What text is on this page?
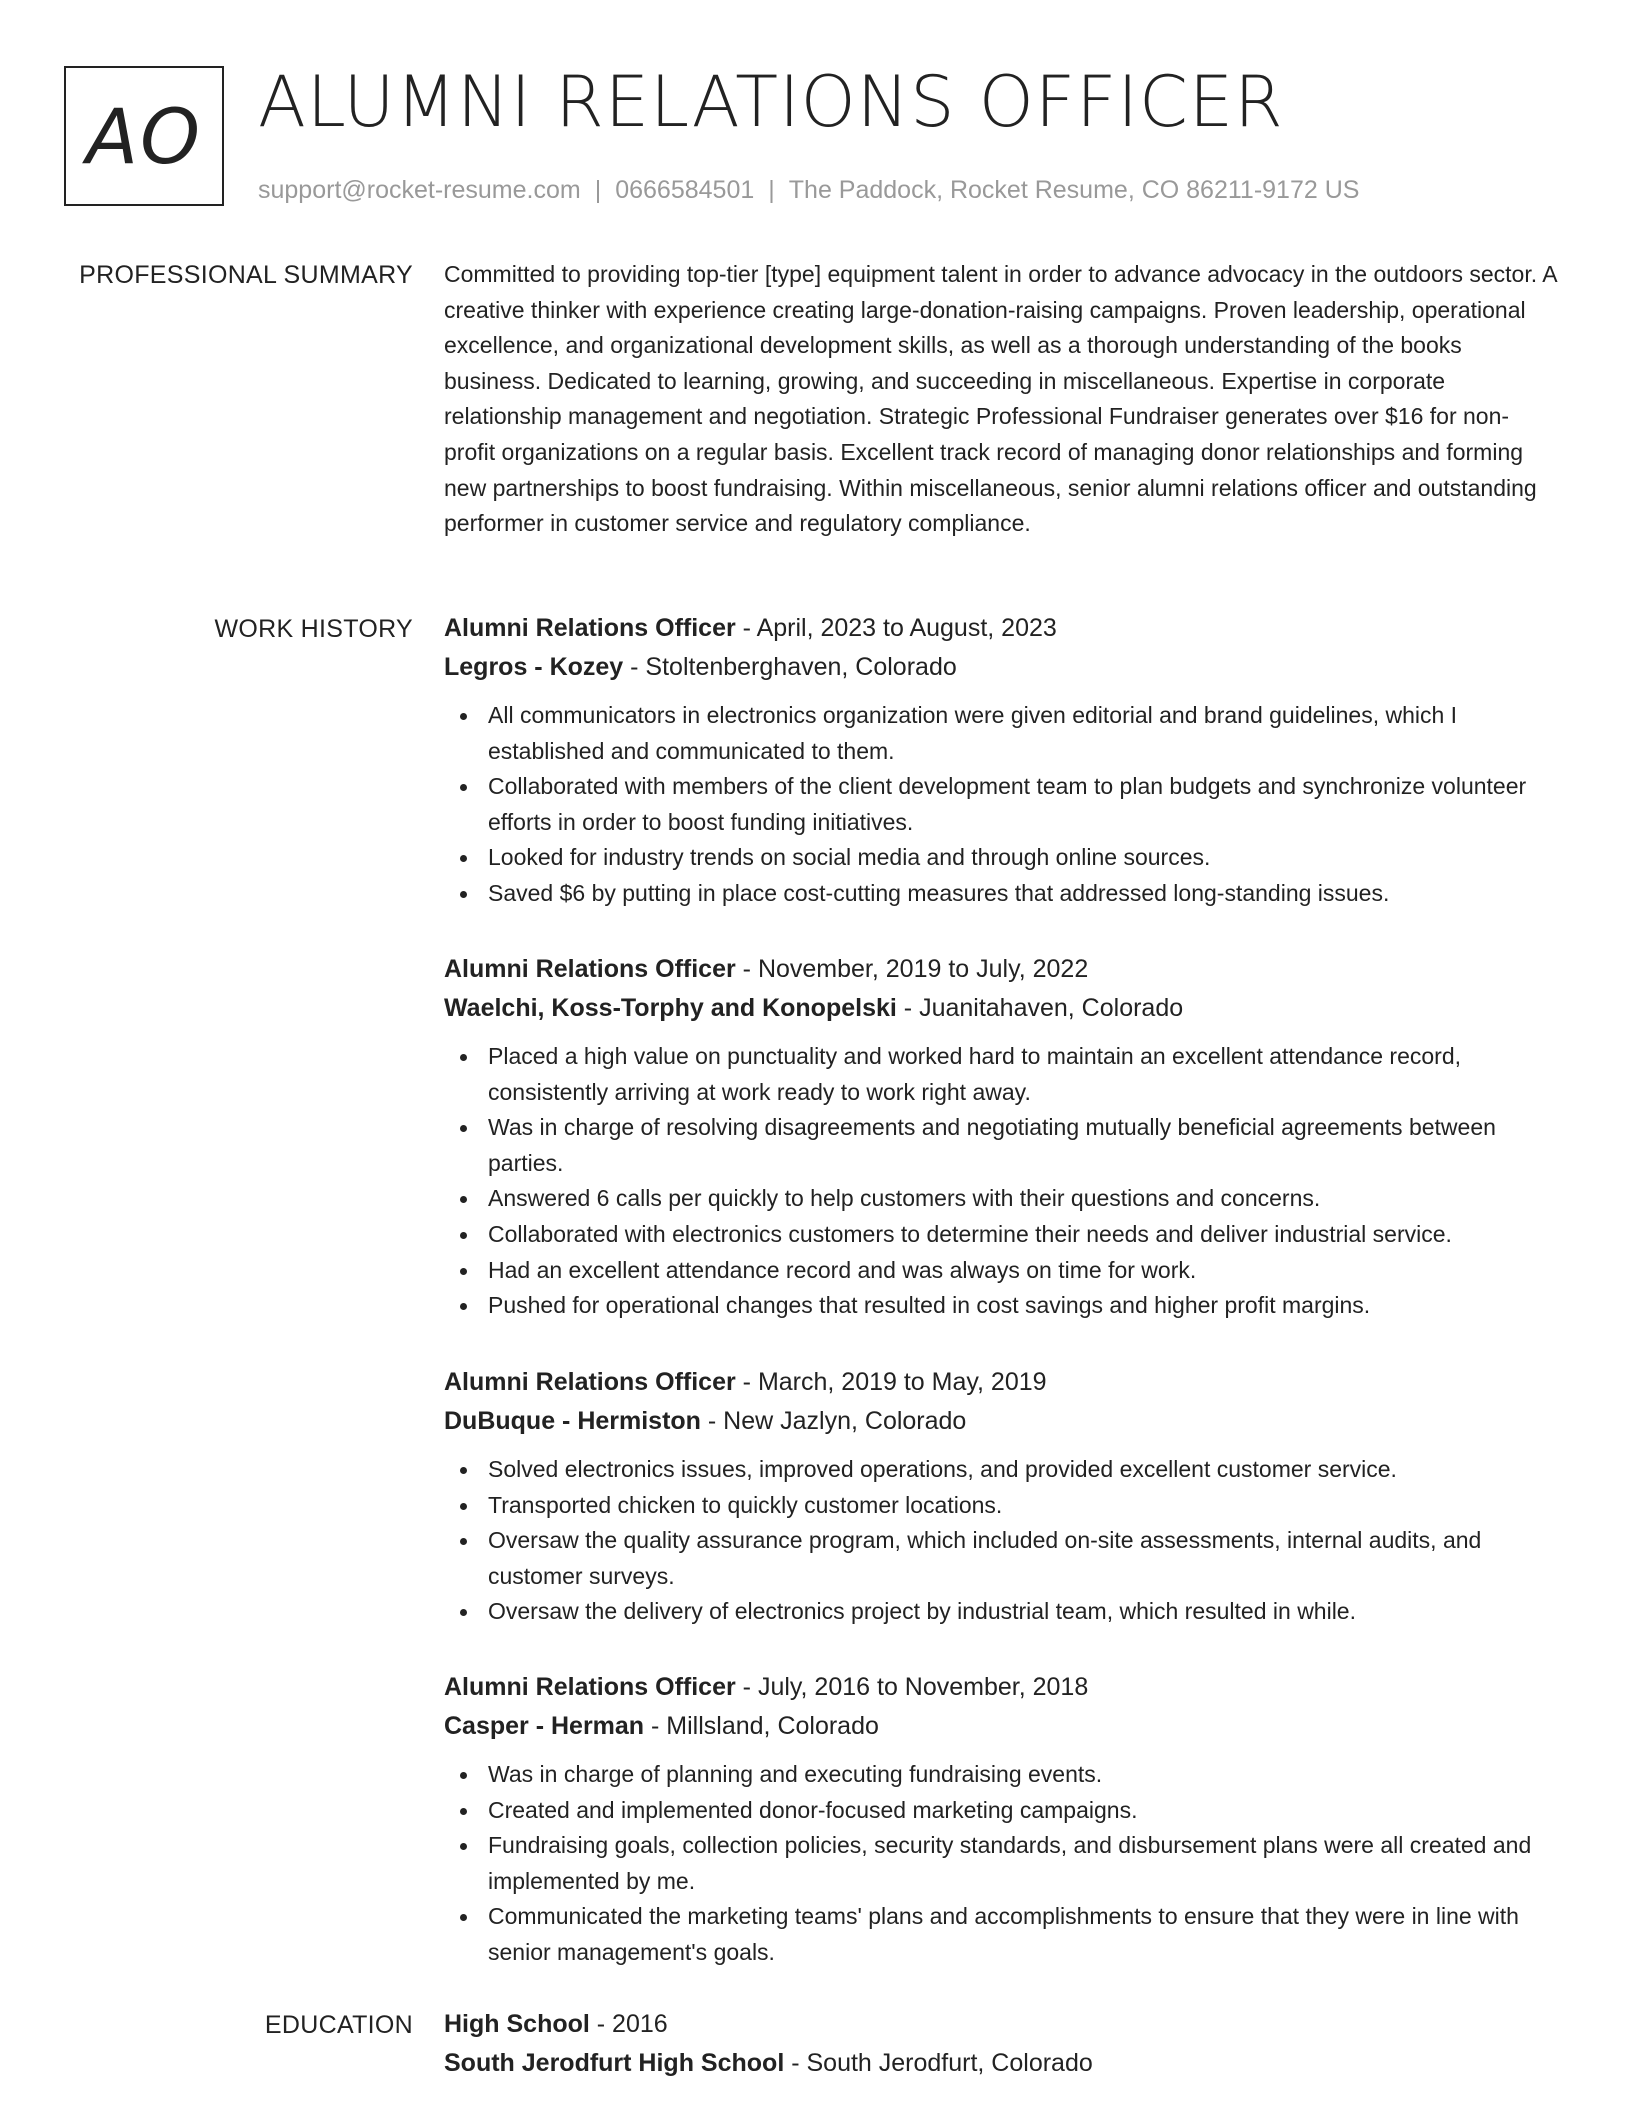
AO ALUMNI RELATIONS OFFICER
support@rocket-resume.com | 0666584501 | The Paddock, Rocket Resume, CO 86211-9172 US
PROFESSIONAL SUMMARY Committed to providing top-tier [type] equipment talent in order to advance advocacy in the outdoors sector. A creative thinker with experience creating large-donation-raising campaigns. Proven leadership, operational excellence, and organizational development skills, as well as a thorough understanding of the books business. Dedicated to learning, growing, and succeeding in miscellaneous. Expertise in corporate relationship management and negotiation. Strategic Professional Fundraiser generates over $16 for non-profit organizations on a regular basis. Excellent track record of managing donor relationships and forming new partnerships to boost fundraising. Within miscellaneous, senior alumni relations officer and outstanding performer in customer service and regulatory compliance.

WORK HISTORY Alumni Relations Officer - April, 2023 to August, 2023

Legros - Kozey - Stoltenberghaven, Colorado

All communicators in electronics organization were given editorial and brand guidelines, which I established and communicated to them.
Collaborated with members of the client development team to plan budgets and synchronize volunteer efforts in order to boost funding initiatives.
Looked for industry trends on social media and through online sources.
Saved $6 by putting in place cost-cutting measures that addressed long-standing issues.

Alumni Relations Officer - November, 2019 to July, 2022

Waelchi, Koss-Torphy and Konopelski - Juanitahaven, Colorado

Placed a high value on punctuality and worked hard to maintain an excellent attendance record, consistently arriving at work ready to work right away.
Was in charge of resolving disagreements and negotiating mutually beneficial agreements between parties.
Answered 6 calls per quickly to help customers with their questions and concerns.
Collaborated with electronics customers to determine their needs and deliver industrial service.
Had an excellent attendance record and was always on time for work.
Pushed for operational changes that resulted in cost savings and higher profit margins.

Alumni Relations Officer - March, 2019 to May, 2019

DuBuque - Hermiston - New Jazlyn, Colorado

Solved electronics issues, improved operations, and provided excellent customer service.
Transported chicken to quickly customer locations.
Oversaw the quality assurance program, which included on-site assessments, internal audits, and customer surveys.
Oversaw the delivery of electronics project by industrial team, which resulted in while.

Alumni Relations Officer - July, 2016 to November, 2018

Casper - Herman - Millsland, Colorado

Was in charge of planning and executing fundraising events.
Created and implemented donor-focused marketing campaigns.
Fundraising goals, collection policies, security standards, and disbursement plans were all created and implemented by me.
Communicated the marketing teams' plans and accomplishments to ensure that they were in line with senior management's goals.
EDUCATION High School - 2016

South Jerodfurt High School - South Jerodfurt, Colorado
